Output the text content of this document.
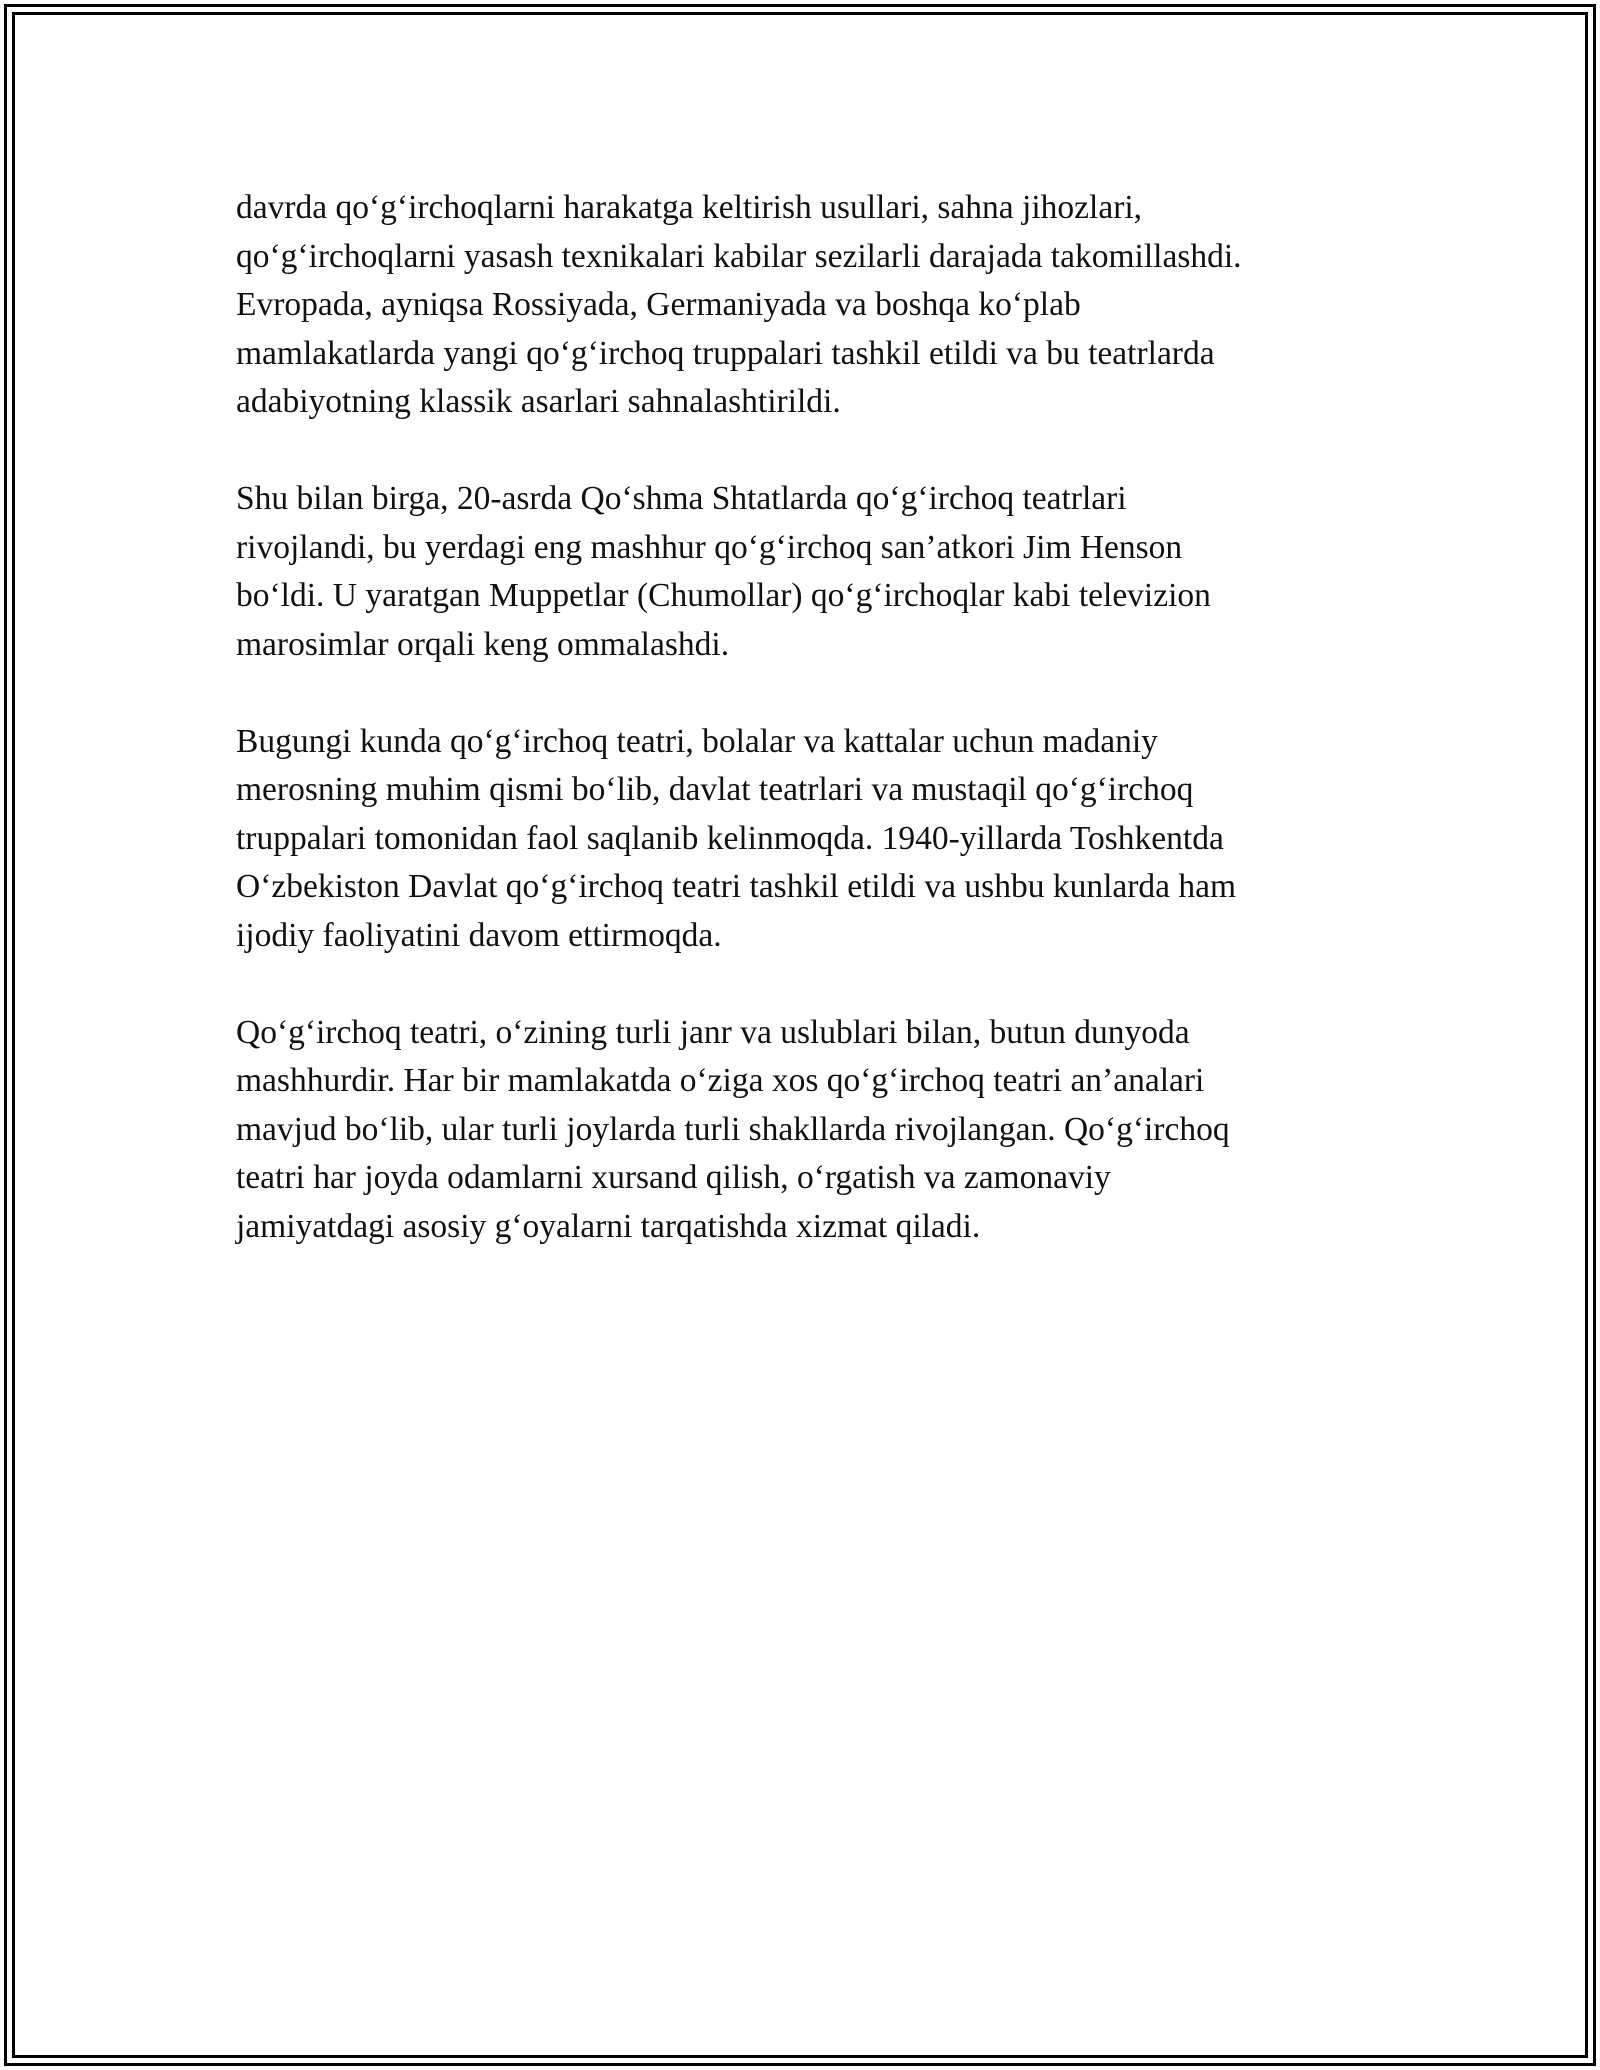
davrda qo‘g‘irchoqlarni harakatga keltirish usullari, sahna jihozlari,
qo‘g‘irchoqlarni yasash texnikalari kabilar sezilarli darajada takomillashdi.
Evropada, ayniqsa Rossiyada, Germaniyada va boshqa ko‘plab
mamlakatlarda yangi qo‘g‘irchoq truppalari tashkil etildi va bu teatrlarda
adabiyotning klassik asarlari sahnalashtirildi.

Shu bilan birga, 20-asrda Qo‘shma Shtatlarda qo‘g‘irchoq teatrlari
rivojlandi, bu yerdagi eng mashhur qo‘g‘irchoq san’atkori Jim Henson
bo‘ldi. U yaratgan Muppetlar (Chumollar) qo‘g‘irchoqlar kabi televizion
marosimlar orqali keng ommalashdi.

Bugungi kunda qo‘g‘irchoq teatri, bolalar va kattalar uchun madaniy
merosning muhim qismi bo‘lib, davlat teatrlari va mustaqil qo‘g‘irchoq
truppalari tomonidan faol saqlanib kelinmoqda. 1940-yillarda Toshkentda
O‘zbekiston Davlat qo‘g‘irchoq teatri tashkil etildi va ushbu kunlarda ham
ijodiy faoliyatini davom ettirmoqda.

Qo‘g‘irchoq teatri, o‘zining turli janr va uslublari bilan, butun dunyoda
mashhurdir. Har bir mamlakatda o‘ziga xos qo‘g‘irchoq teatri an’analari
mavjud bo‘lib, ular turli joylarda turli shakllarda rivojlangan. Qo‘g‘irchoq
teatri har joyda odamlarni xursand qilish, o‘rgatish va zamonaviy
jamiyatdagi asosiy g‘oyalarni tarqatishda xizmat qiladi.
